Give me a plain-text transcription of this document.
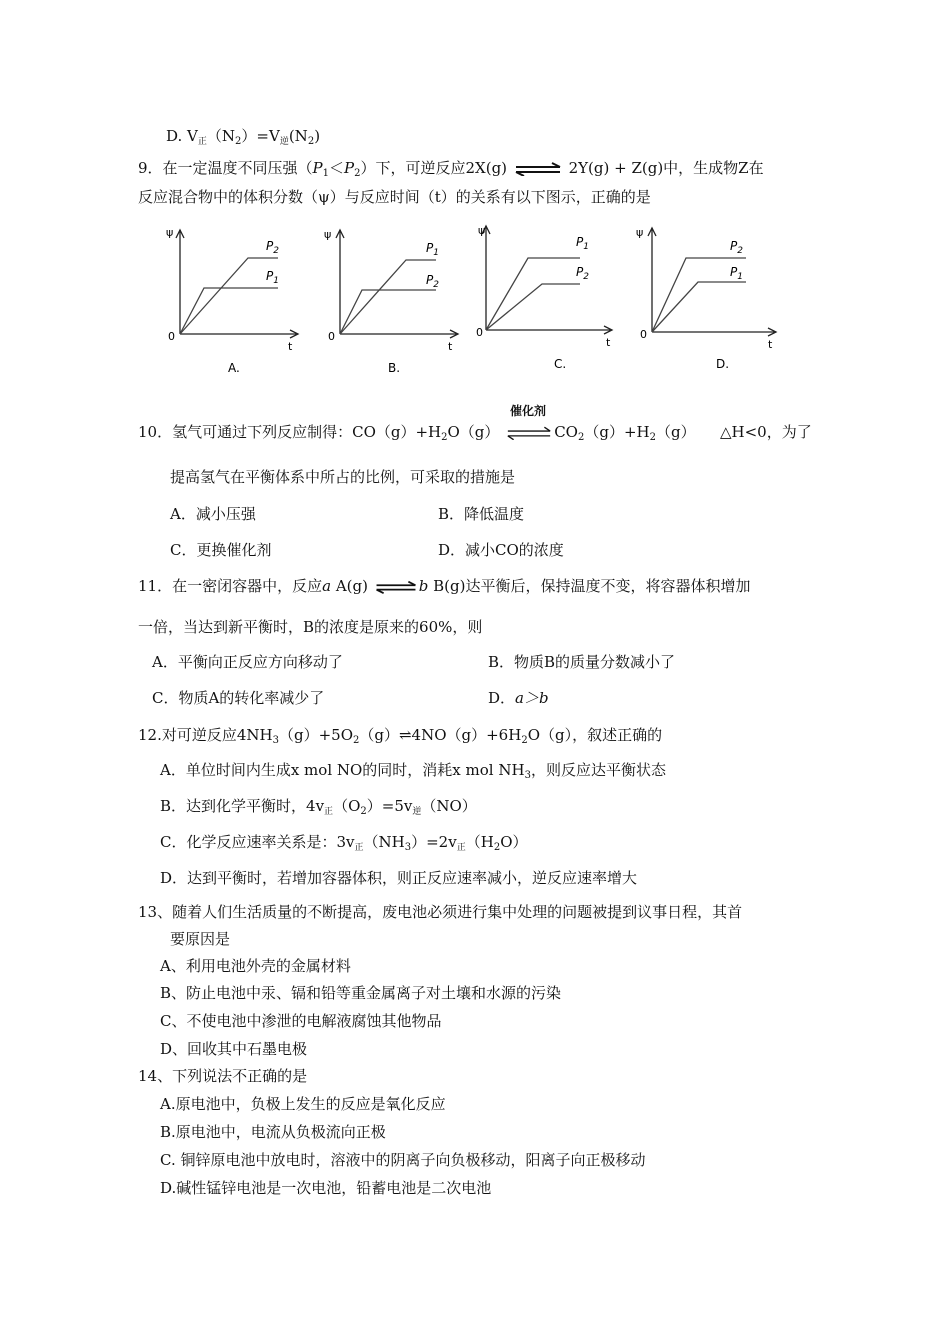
D. $V_正(N_2)=V_逆(N_2)$
9．在一定温度不同压强$(P_1<P_2)$下，可逆反应2X(g) ⇌ 2Y(g) + Z(g)中，生成物Z在
反应混合物中的体积分数（ψ）与反应时间（t）的关系有以下图示，正确的是
ψ
0
t
$P_2$
$P_1$
A.
ψ
0
t
$P_1$
$P_2$
B.
ψ
0
t
$P_1$
$P_2$
C.
ψ
0
t
$P_2$
$P_1$
D.
催化剂
10．氢气可通过下列反应制得：$CO(g)+H_2O(g)$ $\rightleftharpoons CO_2(g)+H_2(g)$ △H<0，为了
提高氢气在平衡体系中所占的比例，可采取的措施是
A．减小压强	B．降低温度
C．更换催化剂	D．减小CO的浓度
11．在一密闭容器中，反应a A(g) ⇌b B(g)达平衡后，保持温度不变，将容器体积增加
一倍，当达到新平衡时，B的浓度是原来的60%，则
A．平衡向正反应方向移动了	B．物质B的质量分数减小了
C．物质A的转化率减少了	D．a＞b
12.对可逆反应$4NH_3(g)+5O_2(g)\rightleftharpoons 4NO(g)+6H_2O(g)$，叙述正确的
A．单位时间内生成x mol NO的同时，消耗x mol $NH_3$，则反应达平衡状态
B．达到化学平衡时，$4v_正(O_2)=5v_逆(NO)$
C．化学反应速率关系是：$3v_正(NH_3)=2v_正(H_2O)$
D．达到平衡时，若增加容器体积，则正反应速率减小，逆反应速率增大
13、随着人们生活质量的不断提高，废电池必须进行集中处理的问题被提到议事日程，其首
要原因是
A、利用电池外壳的金属材料
B、防止电池中汞、镉和铅等重金属离子对土壤和水源的污染
C、不使电池中渗泄的电解液腐蚀其他物品
D、回收其中石墨电极
14、下列说法不正确的是
A.原电池中，负极上发生的反应是氧化反应
B.原电池中，电流从负极流向正极
C. 铜锌原电池中放电时，溶液中的阴离子向负极移动，阳离子向正极移动
D.碱性锰锌电池是一次电池，铅蓄电池是二次电池
